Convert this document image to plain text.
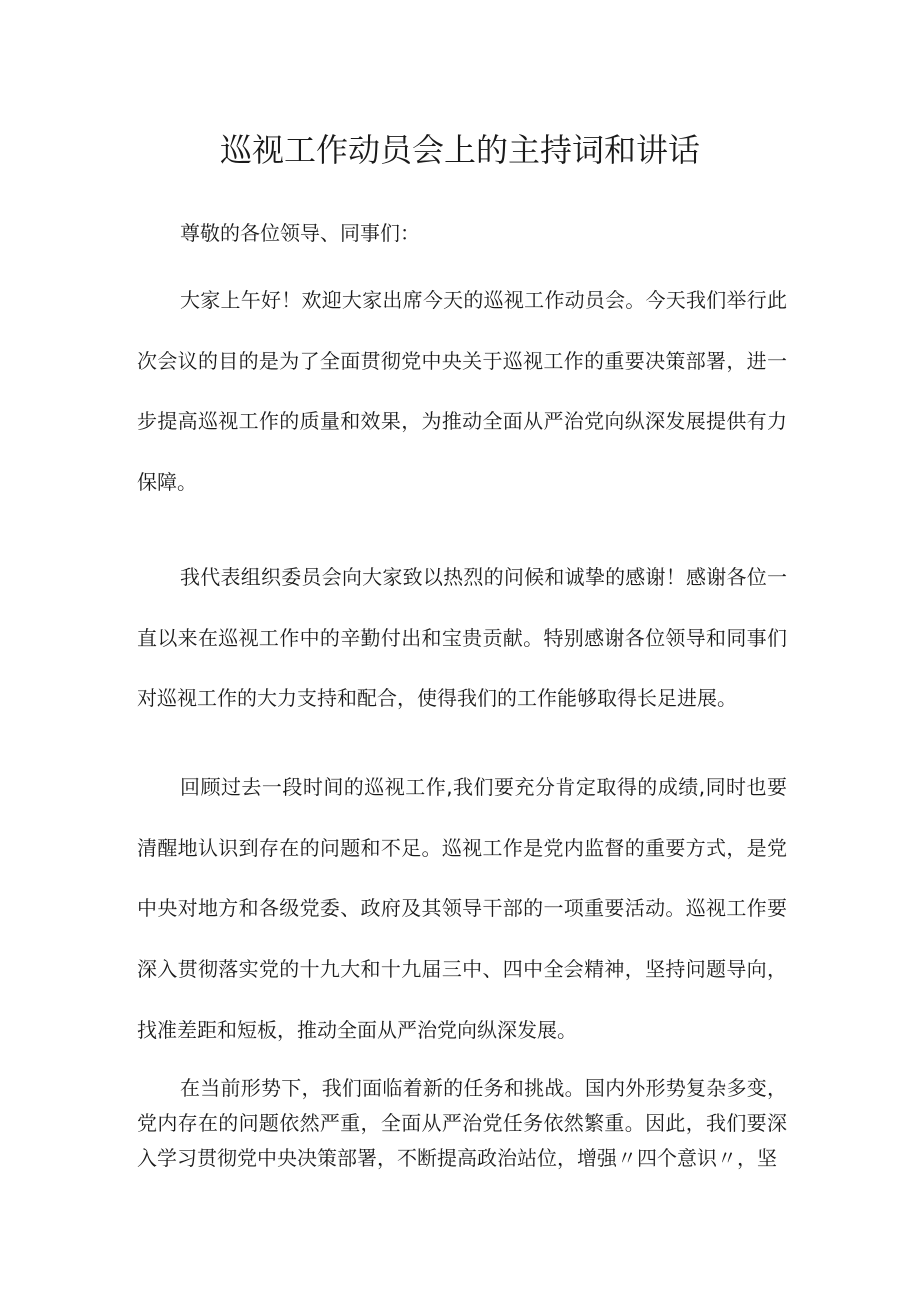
巡视工作动员会上的主持词和讲话

尊敬的各位领导、同事们：

大家上午好！欢迎大家出席今天的巡视工作动员会。今天我们举行此次会议的目的是为了全面贯彻党中央关于巡视工作的重要决策部署，进一步提高巡视工作的质量和效果，为推动全面从严治党向纵深发展提供有力保障。

我代表组织委员会向大家致以热烈的问候和诚挚的感谢！感谢各位一直以来在巡视工作中的辛勤付出和宝贵贡献。特别感谢各位领导和同事们对巡视工作的大力支持和配合，使得我们的工作能够取得长足进展。

回顾过去一段时间的巡视工作,我们要充分肯定取得的成绩,同时也要清醒地认识到存在的问题和不足。巡视工作是党内监督的重要方式，是党中央对地方和各级党委、政府及其领导干部的一项重要活动。巡视工作要深入贯彻落实党的十九大和十九届三中、四中全会精神，坚持问题导向，找准差距和短板，推动全面从严治党向纵深发展。

在当前形势下，我们面临着新的任务和挑战。国内外形势复杂多变，党内存在的问题依然严重，全面从严治党任务依然繁重。因此，我们要深入学习贯彻党中央决策部署，不断提高政治站位，增强〃四个意识〃，坚
